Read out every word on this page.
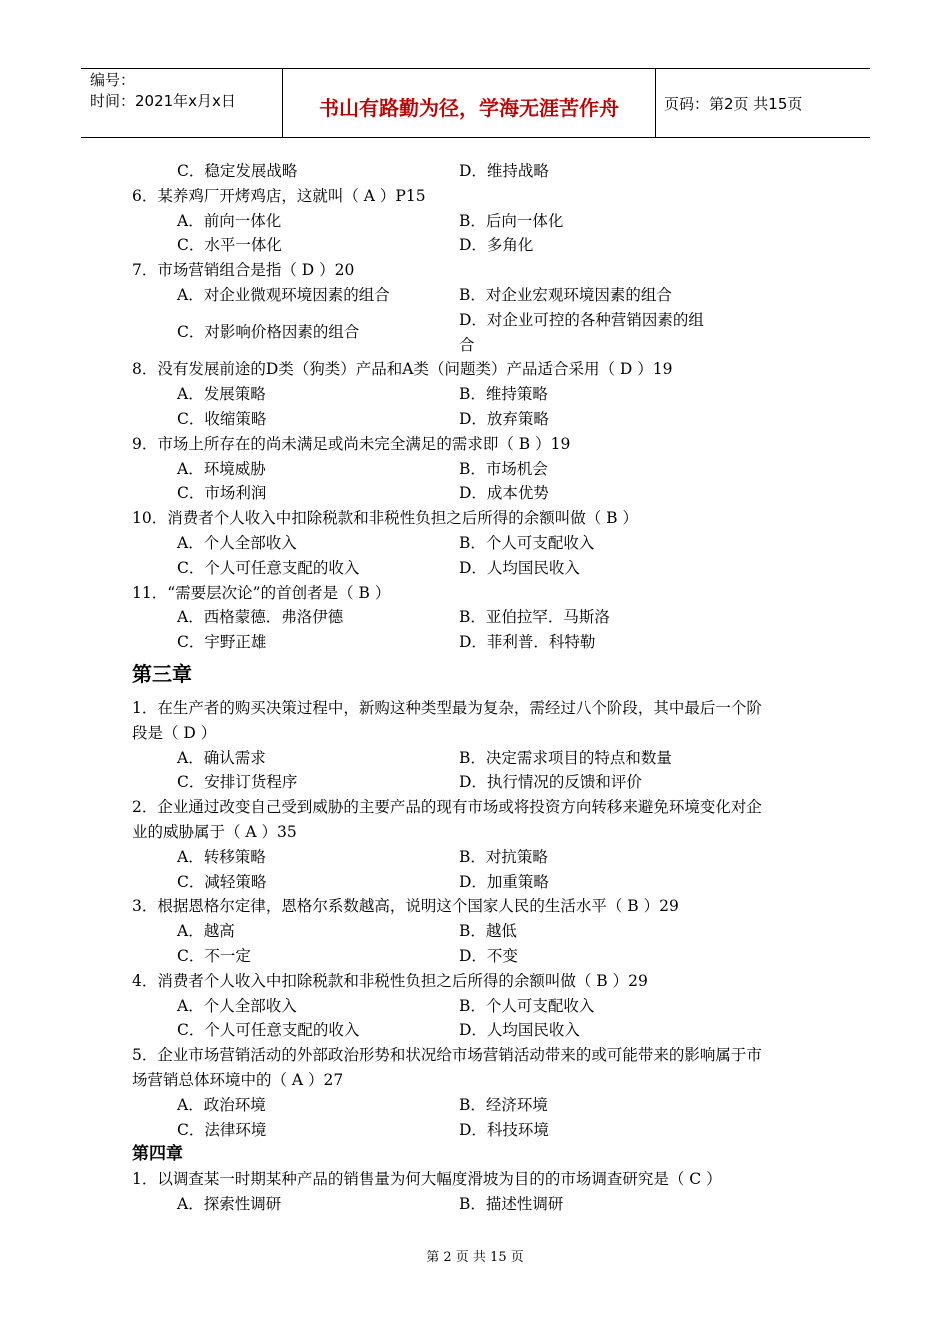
编号：
时间：2021年x月x日	书山有路勤为径，学海无涯苦作舟	页码：第2页 共15页
C．稳定发展战略	D．维持战略
6．某养鸡厂开烤鸡店，这就叫（ A ）P15
A．前向一体化	B．后向一体化
C．水平一体化	D．多角化
7．市场营销组合是指（ D ）20
A．对企业微观环境因素的组合	B．对企业宏观环境因素的组合
C．对影响价格因素的组合
D．对企业可控的各种营销因素的组
合
8．没有发展前途的D类（狗类）产品和A类（问题类）产品适合采用（ D ）19
A．发展策略	B．维持策略
C．收缩策略	D．放弃策略
9．市场上所存在的尚未满足或尚未完全满足的需求即（ B ）19
A．环境威胁	B．市场机会
C．市场利润	D．成本优势
10．消费者个人收入中扣除税款和非税性负担之后所得的余额叫做（ B ）
A．个人全部收入	B．个人可支配收入
C．个人可任意支配的收入	D．人均国民收入
11．“需要层次论”的首创者是（ B ）
A．西格蒙德．弗洛伊德	B．亚伯拉罕．马斯洛
C．宇野正雄	D．菲利普．科特勒
第三章
1．在生产者的购买决策过程中，新购这种类型最为复杂，需经过八个阶段，其中最后一个阶
段是（ D ）
A．确认需求	B．决定需求项目的特点和数量
C．安排订货程序	D．执行情况的反馈和评价
2．企业通过改变自己受到威胁的主要产品的现有市场或将投资方向转移来避免环境变化对企
业的威胁属于（ A ）35
A．转移策略	B．对抗策略
C．减轻策略	D．加重策略
3．根据恩格尔定律，恩格尔系数越高，说明这个国家人民的生活水平（ B ）29
A．越高	B．越低
C．不一定	D．不变
4．消费者个人收入中扣除税款和非税性负担之后所得的余额叫做（ B ）29
A．个人全部收入	B．个人可支配收入
C．个人可任意支配的收入	D．人均国民收入
5．企业市场营销活动的外部政治形势和状况给市场营销活动带来的或可能带来的影响属于市
场营销总体环境中的（ A ）27
A．政治环境	B．经济环境
C．法律环境	D．科技环境
第四章
1．以调查某一时期某种产品的销售量为何大幅度滑坡为目的的市场调查研究是（ C ）
A．探索性调研	B．描述性调研
第 2 页 共 15 页
